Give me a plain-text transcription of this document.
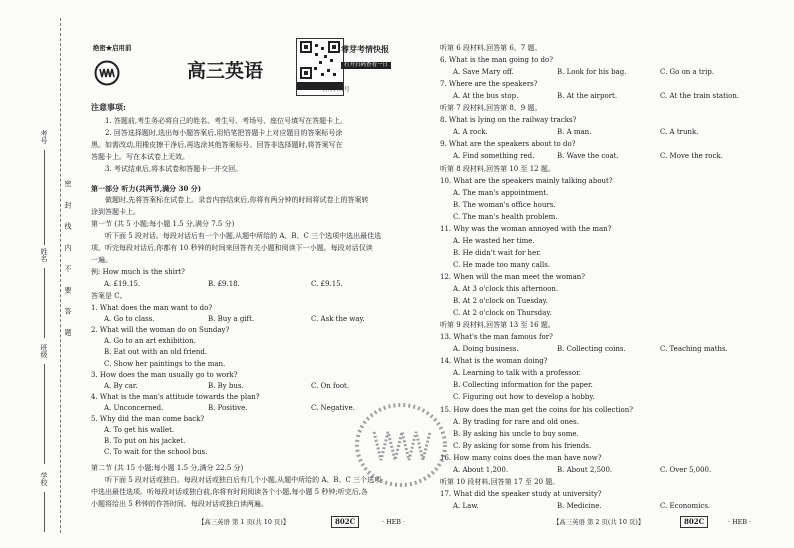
密 封 线 内 不 要 答 题
考号
姓名
班级
学校
绝密★启用前
高三英语
睿芽考情快报
打开扫码查看一日
官方抖音号
注意事项:
1. 答题前,考生务必将自己的姓名、考生号、考场号、座位号填写在答题卡上。
2. 回答选择题时,选出每小题答案后,用铅笔把答题卡上对应题目的答案标号涂
黑。如需改动,用橡皮擦干净后,再选涂其他答案标号。回答非选择题时,将答案写在
答题卡上。写在本试卷上无效。
3. 考试结束后,将本试卷和答题卡一并交回。
第一部分 听力(共两节,满分 30 分)
做题时,先将答案标在试卷上。录音内容结束后,你将有两分钟的时间将试卷上的答案转
涂到答题卡上。
第一节 (共 5 小题;每小题 1.5 分,满分 7.5 分)
听下面 5 段对话。每段对话后有一个小题,从题中所给的 A、B、C 三个选项中选出最佳选
项。听完每段对话后,你都有 10 秒钟的时间来回答有关小题和阅读下一小题。每段对话仅读
一遍。
例: How much is the shirt?
A. £19.15.	B. £9.18.	C. £9.15.
答案是 C。
1. What does the man want to do?
A. Go to class.	B. Buy a gift.	C. Ask the way.
2. What will the woman do on Sunday?
A. Go to an art exhibition.
B. Eat out with an old friend.
C. Show her paintings to the man.
3. How does the man usually go to work?
A. By car.	B. By bus.	C. On foot.
4. What is the man's attitude towards the plan?
A. Unconcerned.	B. Positive.	C. Negative.
5. Why did the man come back?
A. To get his wallet.
B. To put on his jacket.
C. To wait for the school bus.
第二节 (共 15 小题;每小题 1.5 分,满分 22.5 分)
听下面 5 段对话或独白。每段对话或独白后有几个小题,从题中所给的 A、B、C 三个选项
中选出最佳选项。听每段对话或独白前,你将有时间阅读各个小题,每小题 5 秒钟;听完后,各
小题将给出 5 秒钟的作答时间。每段对话或独白读两遍。
听第 6 段材料,回答第 6、7 题。
6. What is the man going to do?
A. Save Mary off.	B. Look for his bag.	C. Go on a trip.
7. Where are the speakers?
A. At the bus stop.	B. At the airport.	C. At the train station.
听第 7 段材料,回答第 8、9 题。
8. What is lying on the railway tracks?
A. A rock.	B. A man.	C. A trunk.
9. What are the speakers about to do?
A. Find something red.	B. Wave the coat.	C. Move the rock.
听第 8 段材料,回答第 10 至 12 题。
10. What are the speakers mainly talking about?
A. The man's appointment.
B. The woman's office hours.
C. The man's health problem.
11. Why was the woman annoyed with the man?
A. He wasted her time.
B. He didn't wait for her.
C. He made too many calls.
12. When will the man meet the woman?
A. At 3 o'clock this afternoon.
B. At 2 o'clock on Tuesday.
C. At 2 o'clock on Thursday.
听第 9 段材料,回答第 13 至 16 题。
13. What's the man famous for?
A. Doing business.	B. Collecting coins.	C. Teaching maths.
14. What is the woman doing?
A. Learning to talk with a professor.
B. Collecting information for the paper.
C. Figuring out how to develop a hobby.
15. How does the man get the coins for his collection?
A. By trading for rare and old ones.
B. By asking his uncle to buy some.
C. By asking for some from his friends.
16. How many coins does the man have now?
A. About 1,200.	B. About 2,500.	C. Over 5,000.
听第 10 段材料,回答第 17 至 20 题。
17. What did the speaker study at university?
A. Law.	B. Medicine.	C. Economics.
【高三英语 第 1 页(共 10 页)】	802C	· HEB ·	【高三英语 第 2 页(共 10 页)】	802C	· HEB ·
